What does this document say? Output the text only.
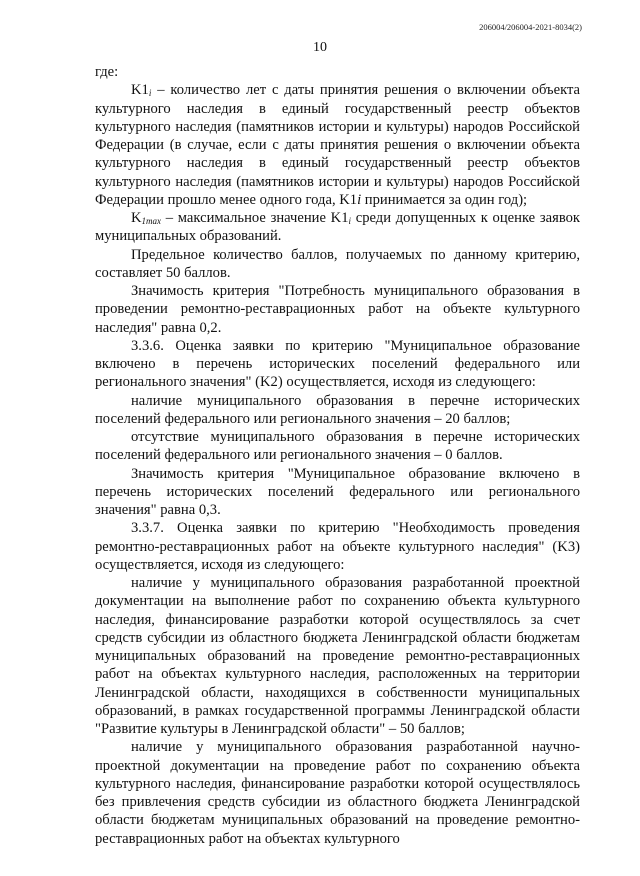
206004/206004-2021-8034(2)
10

где:

$K1_i$ – количество лет с даты принятия решения о включении объекта культурного наследия в единый государственный реестр объектов культурного наследия (памятников истории и культуры) народов Российской Федерации (в случае, если с даты принятия решения о включении объекта культурного наследия в единый государственный реестр объектов культурного наследия (памятников истории и культуры) народов Российской Федерации прошло менее одного года, K1i принимается за один год);

$K_{1max}$ – максимальное значение $K1_i$ среди допущенных к оценке заявок муниципальных образований.

Предельное количество баллов, получаемых по данному критерию, составляет 50 баллов.

Значимость критерия "Потребность муниципального образования в проведении ремонтно-реставрационных работ на объекте культурного наследия" равна 0,2.

3.3.6. Оценка заявки по критерию "Муниципальное образование включено в перечень исторических поселений федерального или регионального значения" (K2) осуществляется, исходя из следующего:

наличие муниципального образования в перечне исторических поселений федерального или регионального значения – 20 баллов;

отсутствие муниципального образования в перечне исторических поселений федерального или регионального значения – 0 баллов.

Значимость критерия "Муниципальное образование включено в перечень исторических поселений федерального или регионального значения" равна 0,3.

3.3.7. Оценка заявки по критерию "Необходимость проведения ремонтно-реставрационных работ на объекте культурного наследия" (K3) осуществляется, исходя из следующего:

наличие у муниципального образования разработанной проектной документации на выполнение работ по сохранению объекта культурного наследия, финансирование разработки которой осуществлялось за счет средств субсидии из областного бюджета Ленинградской области бюджетам муниципальных образований на проведение ремонтно-реставрационных работ на объектах культурного наследия, расположенных на территории Ленинградской области, находящихся в собственности муниципальных образований, в рамках государственной программы Ленинградской области "Развитие культуры в Ленинградской области" – 50 баллов;

наличие у муниципального образования разработанной научно-проектной документации на проведение работ по сохранению объекта культурного наследия, финансирование разработки которой осуществлялось без привлечения средств субсидии из областного бюджета Ленинградской области бюджетам муниципальных образований на проведение ремонтно-реставрационных работ на объектах культурного
